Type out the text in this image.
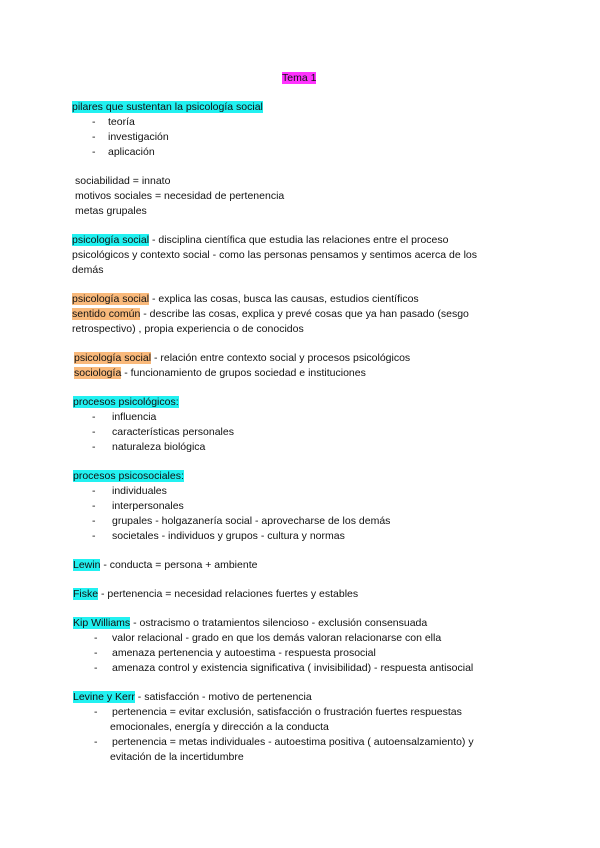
Tema 1
pilares que sustentan la psicología social
- teoría
- investigación
- aplicación
sociabilidad = innato
motivos sociales = necesidad de pertenencia
metas grupales
psicología social - disciplina científica que estudia las relaciones entre el proceso
psicológicos y contexto social - como las personas pensamos y sentimos acerca de los
demás
psicología social - explica las cosas, busca las causas, estudios científicos
sentido común - describe las cosas, explica y prevé cosas que ya han pasado (sesgo
retrospectivo) , propia experiencia o de conocidos
psicología social - relación entre contexto social y procesos psicológicos
sociología - funcionamiento de grupos sociedad e instituciones
procesos psicológicos:
- influencia
- características personales
- naturaleza biológica
procesos psicosociales:
- individuales
- interpersonales
- grupales - holgazanería social - aprovecharse de los demás
- societales - individuos y grupos - cultura y normas
Lewin - conducta = persona + ambiente
Fiske - pertenencia = necesidad relaciones fuertes y estables
Kip Williams - ostracismo o tratamientos silencioso - exclusión consensuada
- valor relacional - grado en que los demás valoran relacionarse con ella
- amenaza pertenencia y autoestima - respuesta prosocial
- amenaza control y existencia significativa ( invisibilidad) - respuesta antisocial
Levine y Kerr - satisfacción - motivo de pertenencia
- pertenencia = evitar exclusión, satisfacción o frustración fuertes respuestas
emocionales, energía y dirección a la conducta
- pertenencia = metas individuales - autoestima positiva ( autoensalzamiento) y
evitación de la incertidumbre
